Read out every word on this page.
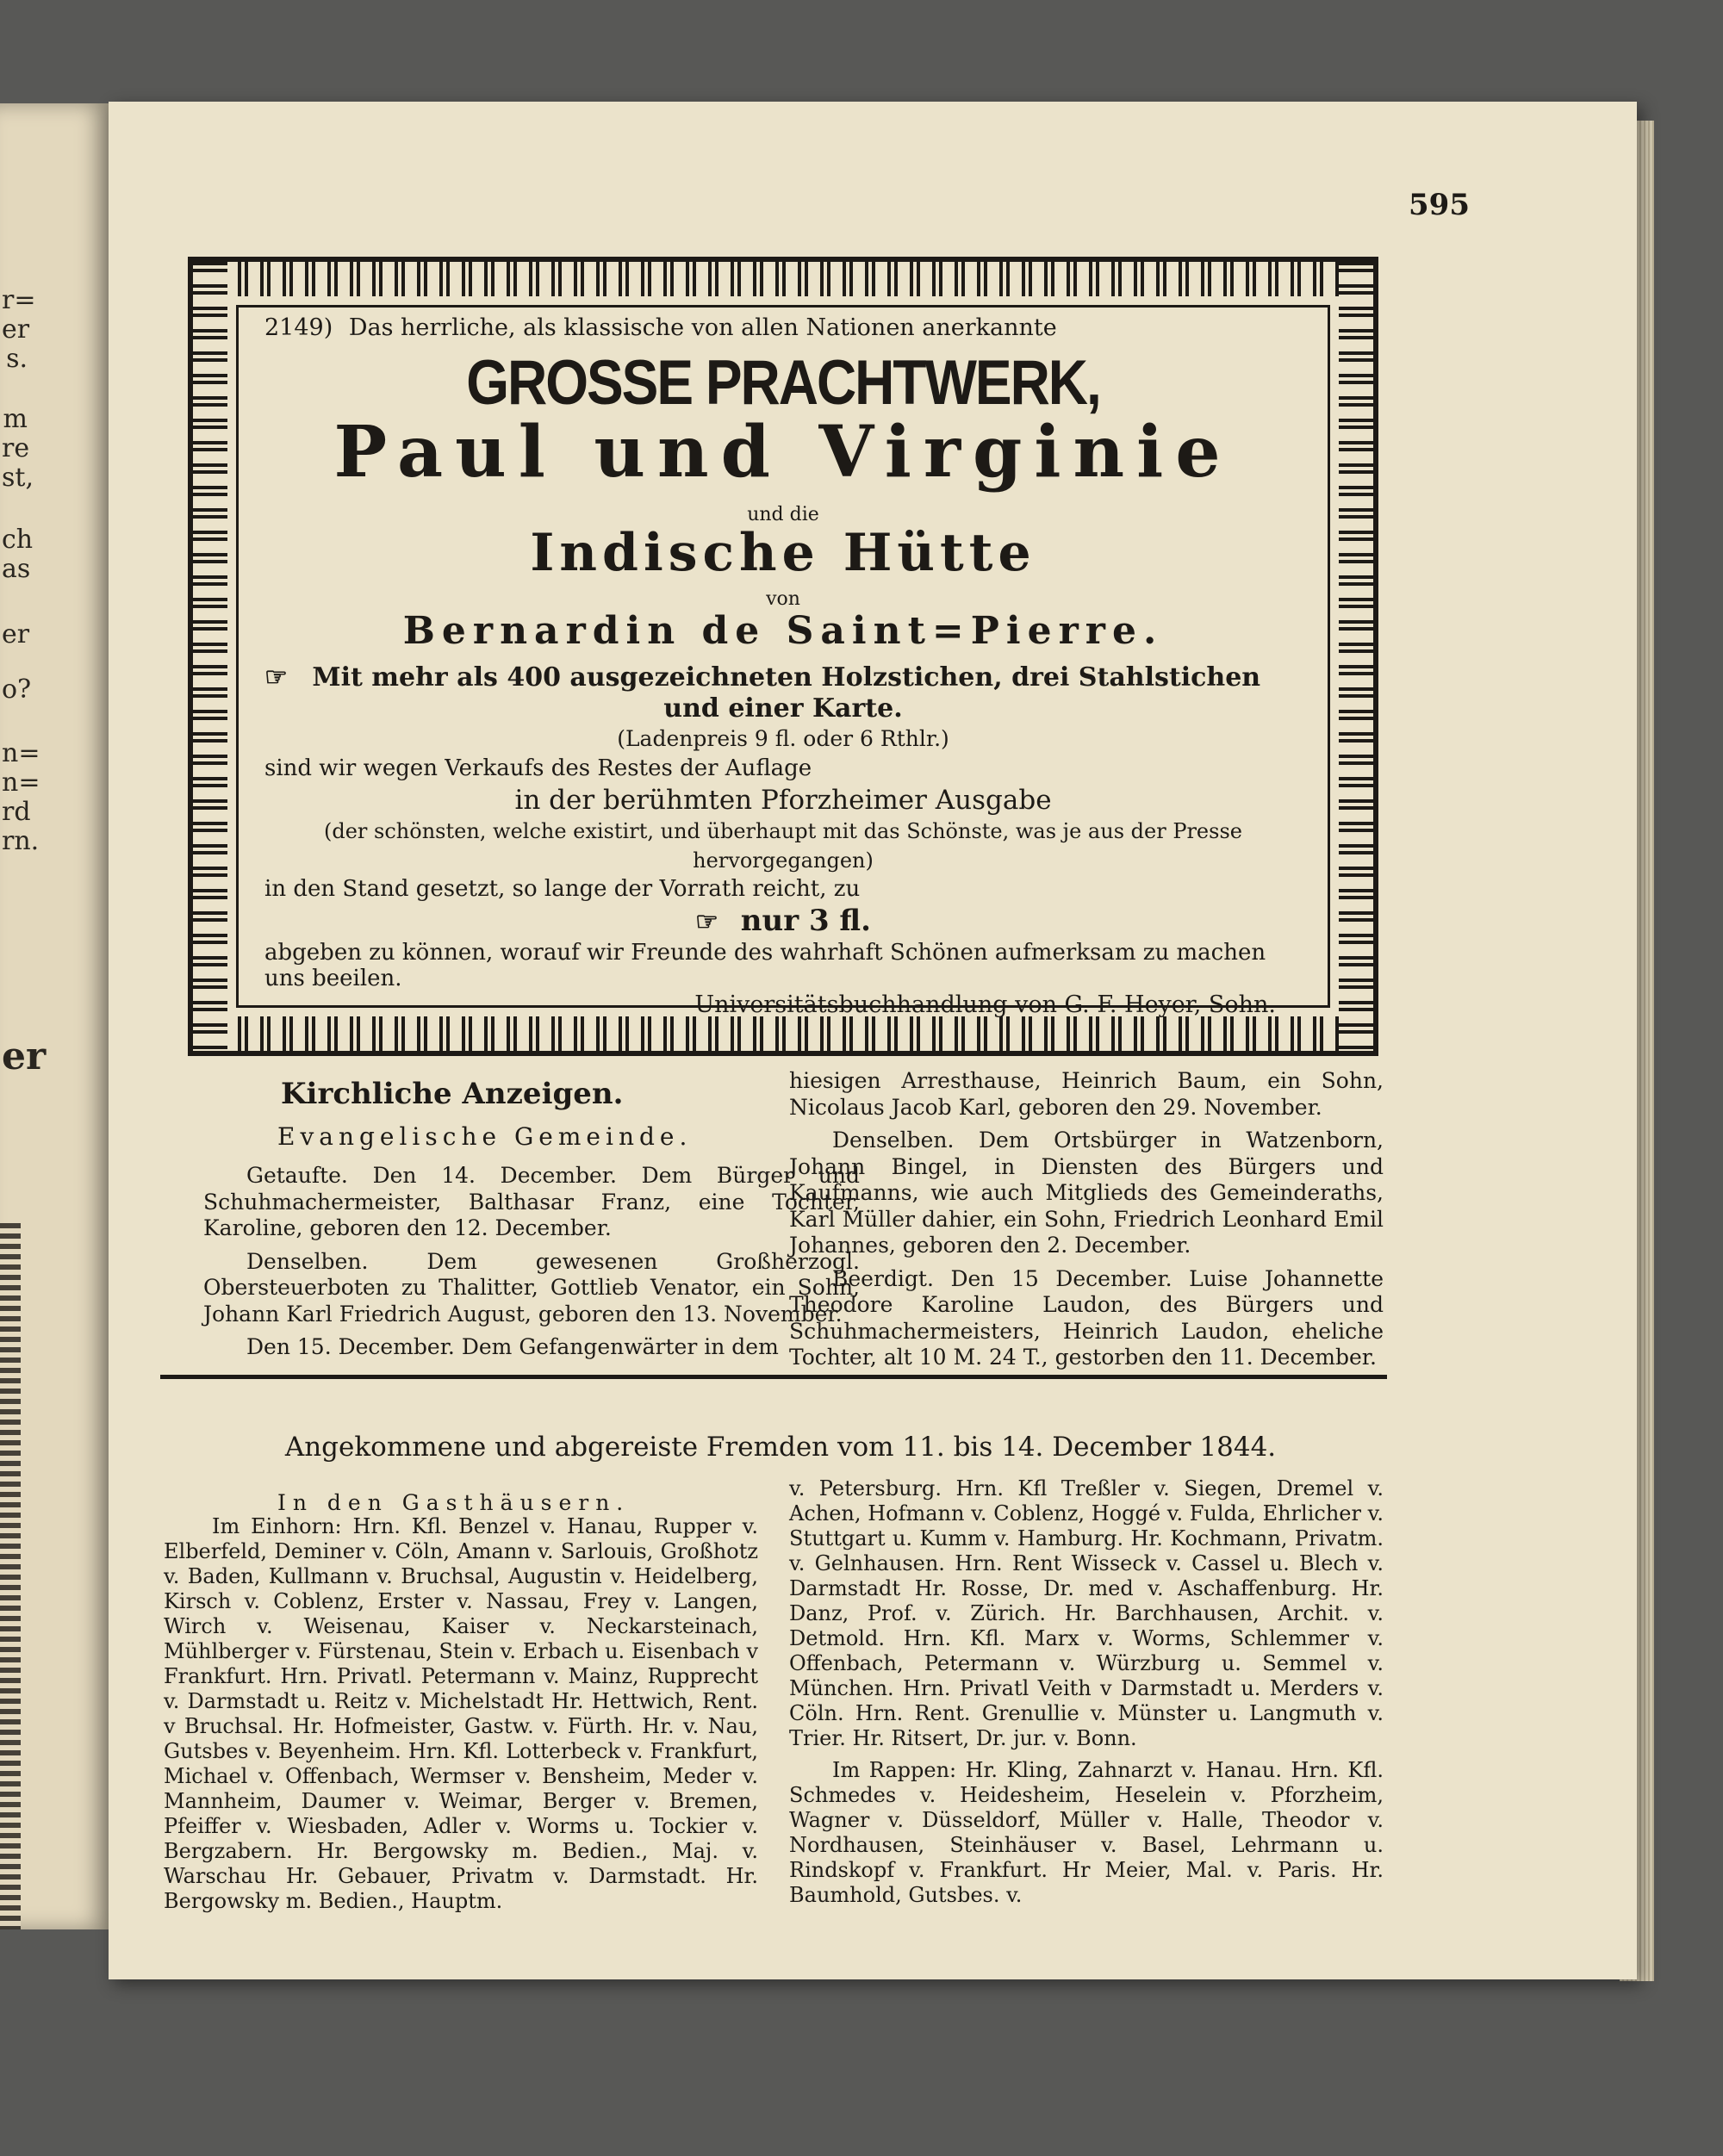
r=
er
s.
m
re
st,
ch
as
er
o?
n=
n=
rd
rn.
er
595
2149) Das herrliche, als klassische von allen Nationen anerkannte
GROSSE PRACHTWERK,
Paul und Virginie
und die
Indische Hütte
von
Bernardin de Saint=Pierre.
☞ Mit mehr als 400 ausgezeichneten Holzstichen, drei Stahlstichen
und einer Karte.
(Ladenpreis 9 fl. oder 6 Rthlr.)
sind wir wegen Verkaufs des Restes der Auflage
in der berühmten Pforzheimer Ausgabe
(der schönsten, welche existirt, und überhaupt mit das Schönste, was je aus der Presse
hervorgegangen)
in den Stand gesetzt, so lange der Vorrath reicht, zu
☞ nur 3 fl.
abgeben zu können, worauf wir Freunde des wahrhaft Schönen aufmerksam zu machen
uns beeilen.
Universitätsbuchhandlung von G. F. Heyer, Sohn.
Kirchliche Anzeigen.
Evangelische Gemeinde.

Getaufte. Den 14. December. Dem Bürger und Schuhmachermeister, Balthasar Franz, eine Tochter, Karoline, geboren den 12. December.

Denselben. Dem gewesenen Großherzogl. Obersteuerboten zu Thalitter, Gottlieb Venator, ein Sohn, Johann Karl Friedrich August, geboren den 13. November.

Den 15. December. Dem Gefangenwärter in dem

hiesigen Arresthause, Heinrich Baum, ein Sohn, Nicolaus Jacob Karl, geboren den 29. November.

Denselben. Dem Ortsbürger in Watzenborn, Johann Bingel, in Diensten des Bürgers und Kaufmanns, wie auch Mitglieds des Gemeinderaths, Karl Müller dahier, ein Sohn, Friedrich Leonhard Emil Johannes, geboren den 2. December.

Beerdigt. Den 15 December. Luise Johannette Theodore Karoline Laudon, des Bürgers und Schuhmachermeisters, Heinrich Laudon, eheliche Tochter, alt 10 M. 24 T., gestorben den 11. December.

Angekommene und abgereiste Fremden vom 11. bis 14. December 1844.
In den Gasthäusern.

Im Einhorn: Hrn. Kfl. Benzel v. Hanau, Rupper v. Elberfeld, Deminer v. Cöln, Amann v. Sarlouis, Großhotz v. Baden, Kullmann v. Bruchsal, Augustin v. Heidelberg, Kirsch v. Coblenz, Erster v. Nassau, Frey v. Langen, Wirch v. Weisenau, Kaiser v. Neckarsteinach, Mühlberger v. Fürstenau, Stein v. Erbach u. Eisenbach v Frankfurt. Hrn. Privatl. Petermann v. Mainz, Rupprecht v. Darmstadt u. Reitz v. Michelstadt Hr. Hettwich, Rent. v Bruchsal. Hr. Hofmeister, Gastw. v. Fürth. Hr. v. Nau, Gutsbes v. Beyenheim. Hrn. Kfl. Lotterbeck v. Frankfurt, Michael v. Offenbach, Wermser v. Bensheim, Meder v. Mannheim, Daumer v. Weimar, Berger v. Bremen, Pfeiffer v. Wiesbaden, Adler v. Worms u. Tockier v. Bergzabern. Hr. Bergowsky m. Bedien., Maj. v. Warschau Hr. Gebauer, Privatm v. Darmstadt. Hr. Bergowsky m. Bedien., Hauptm.

v. Petersburg. Hrn. Kfl Treßler v. Siegen, Dremel v. Achen, Hofmann v. Coblenz, Hoggé v. Fulda, Ehrlicher v. Stuttgart u. Kumm v. Hamburg. Hr. Kochmann, Privatm. v. Gelnhausen. Hrn. Rent Wisseck v. Cassel u. Blech v. Darmstadt Hr. Rosse, Dr. med v. Aschaffenburg. Hr. Danz, Prof. v. Zürich. Hr. Barchhausen, Archit. v. Detmold. Hrn. Kfl. Marx v. Worms, Schlemmer v. Offenbach, Petermann v. Würzburg u. Semmel v. München. Hrn. Privatl Veith v Darmstadt u. Merders v. Cöln. Hrn. Rent. Grenullie v. Münster u. Langmuth v. Trier. Hr. Ritsert, Dr. jur. v. Bonn.

Im Rappen: Hr. Kling, Zahnarzt v. Hanau. Hrn. Kfl. Schmedes v. Heidesheim, Heselein v. Pforzheim, Wagner v. Düsseldorf, Müller v. Halle, Theodor v. Nordhausen, Steinhäuser v. Basel, Lehrmann u. Rindskopf v. Frankfurt. Hr Meier, Mal. v. Paris. Hr. Baumhold, Gutsbes. v.
